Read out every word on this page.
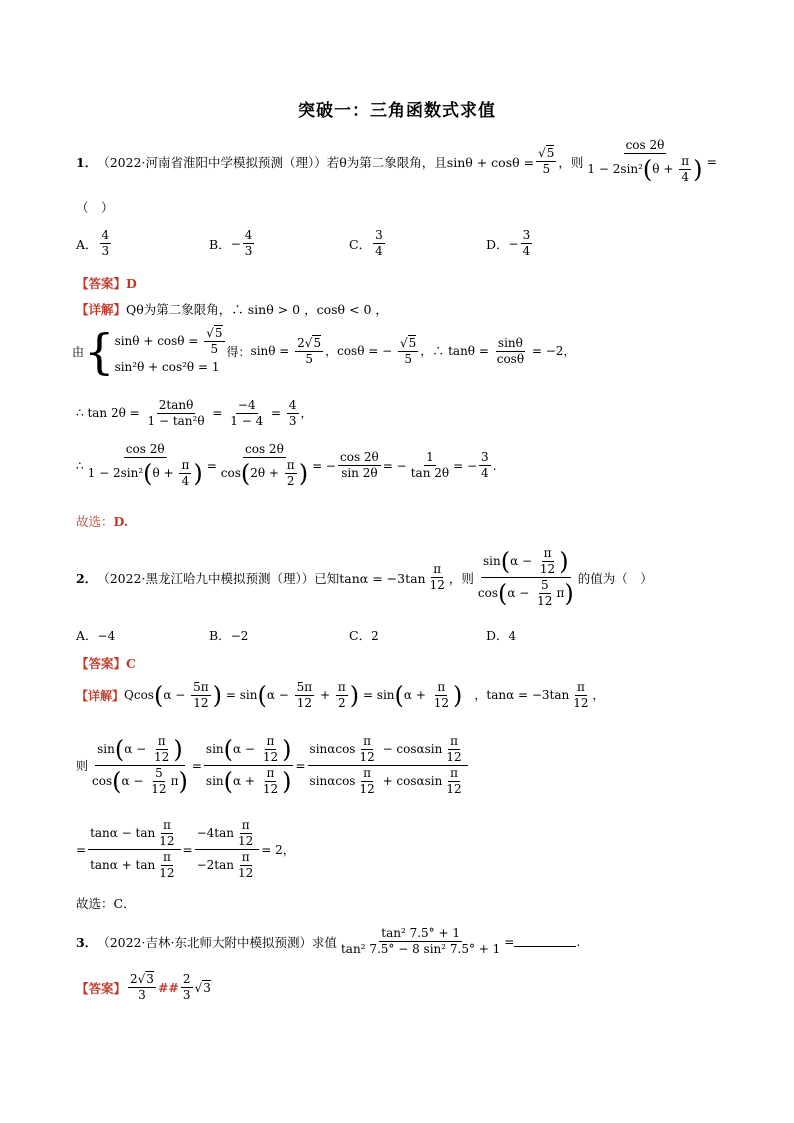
突破一：三角函数式求值
1． （2022·河南省淮阳中学模拟预测（理）） 若θ为第二象限角，且$\sin\theta + \cos\theta = \frac{√5}{5}$ ，则 $\frac{\cos 2\theta}{1 - 2\sin^2(\theta + \frac{\pi}{4} )}$ =
（　）
A． $\frac{4}{3}$	B． − $\frac{4}{3}$	C． $\frac{3}{4}$	D． − $\frac{3}{4}$
【答案】D
【详解】Qθ为第二象限角，∴ sinθ > 0 ，cosθ < 0 ，
由 { $\sin\theta + \cos\theta = \frac{√5}{5}$
sin²θ + cos²θ = 1
得： $\sin\theta = \frac{2√5}{5}$ ，cosθ = − $\frac{√5}{5}$ ，∴ $\tan\theta = \frac{\sin\theta}{\cos\theta} = -2$，
∴ $\tan 2\theta = \frac{2\tan\theta}{\text{1 − tan²θ}} = \frac{-4}{1 - 4} = \frac{4}{3}$ ，
∴ $\frac{\cos 2\theta}{1 - 2\sin^2(\theta + \frac{\pi}{4} )} = \frac{\cos 2\theta}{\cos(2\theta + \frac{\pi}{2} )}$ = − $\frac{\cos 2\theta}{\sin 2\theta}$ = − $\frac{1}{\tan 2\theta}$ = − $\frac{3}{4}$ .
故选：D.
2． （2022·黑龙江哈九中模拟预测（理）） 已知$\tan\alpha = -3\tan \frac{\pi}{12}$ ，则 $\frac{\sin(\alpha - \frac{\pi}{12} )}{\cos(\alpha - \frac{5}{12} \pi)}$ 的值为（　）
A．−4	B．−2	C．2	D．4
【答案】C
【详解】 $Qcos(\alpha - \frac{5\pi}{12}$ ) = $\sin(\alpha - \frac{5\pi}{12} + \frac{\pi}{2}$ ) = $\sin(\alpha + \frac{\pi}{12}$ )　，$\tan\alpha = -3\tan \frac{\pi}{12}$ ，
则 $\frac{\sin(\alpha - \frac{\pi}{12} )}{\cos(\alpha - \frac{5}{12} \pi)} = \frac{\sin(\alpha - \frac{\pi}{12} )}{\sin(\alpha + \frac{\pi}{12} )} = \frac{\sin\alpha\cos \frac{\pi}{12} - \cos\alpha\sin \frac{\pi}{12}}{\sin\alpha\cos \frac{\pi}{12} + \cos\alpha\sin \frac{\pi}{12}}$
= $\frac{\tan\alpha - \tan \frac{\pi}{12}}{\tan\alpha + \tan \frac{\pi}{12}} = \frac{-4\tan \frac{\pi}{12}}{-2\tan \frac{\pi}{12}} = 2$，
故选：C．
3． （2022·吉林·东北师大附中模拟预测） 求值 $\frac{\text{tan² 7.5° + 1}}{\text{tan² 7.5° − 8 sin² 7.5° + 1}}$ =	.
【答案】 $\frac{2√3}{3}$ ## $\frac{2}{3} √3$
